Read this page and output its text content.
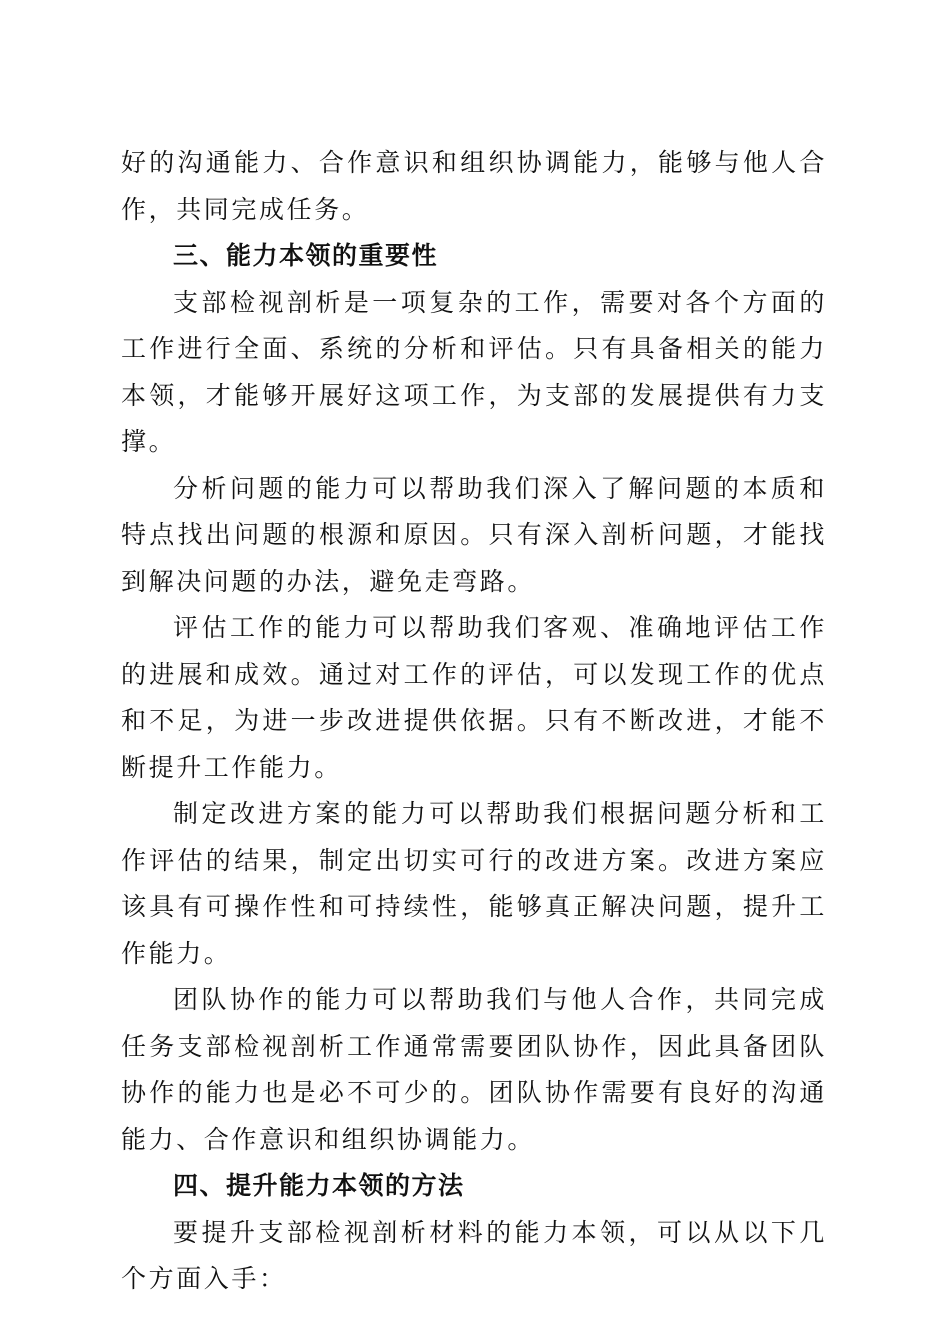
好的沟通能力、合作意识和组织协调能力，能够与他人合作，共同完成任务。

三、能力本领的重要性

支部检视剖析是一项复杂的工作，需要对各个方面的工作进行全面、系统的分析和评估。只有具备相关的能力本领，才能够开展好这项工作，为支部的发展提供有力支撑。

分析问题的能力可以帮助我们深入了解问题的本质和特点找出问题的根源和原因。只有深入剖析问题，才能找到解决问题的办法，避免走弯路。

评估工作的能力可以帮助我们客观、准确地评估工作的进展和成效。通过对工作的评估，可以发现工作的优点和不足，为进一步改进提供依据。只有不断改进，才能不断提升工作能力。

制定改进方案的能力可以帮助我们根据问题分析和工作评估的结果，制定出切实可行的改进方案。改进方案应该具有可操作性和可持续性，能够真正解决问题，提升工作能力。

团队协作的能力可以帮助我们与他人合作，共同完成任务支部检视剖析工作通常需要团队协作，因此具备团队协作的能力也是必不可少的。团队协作需要有良好的沟通能力、合作意识和组织协调能力。

四、提升能力本领的方法

要提升支部检视剖析材料的能力本领，可以从以下几个方面入手：
